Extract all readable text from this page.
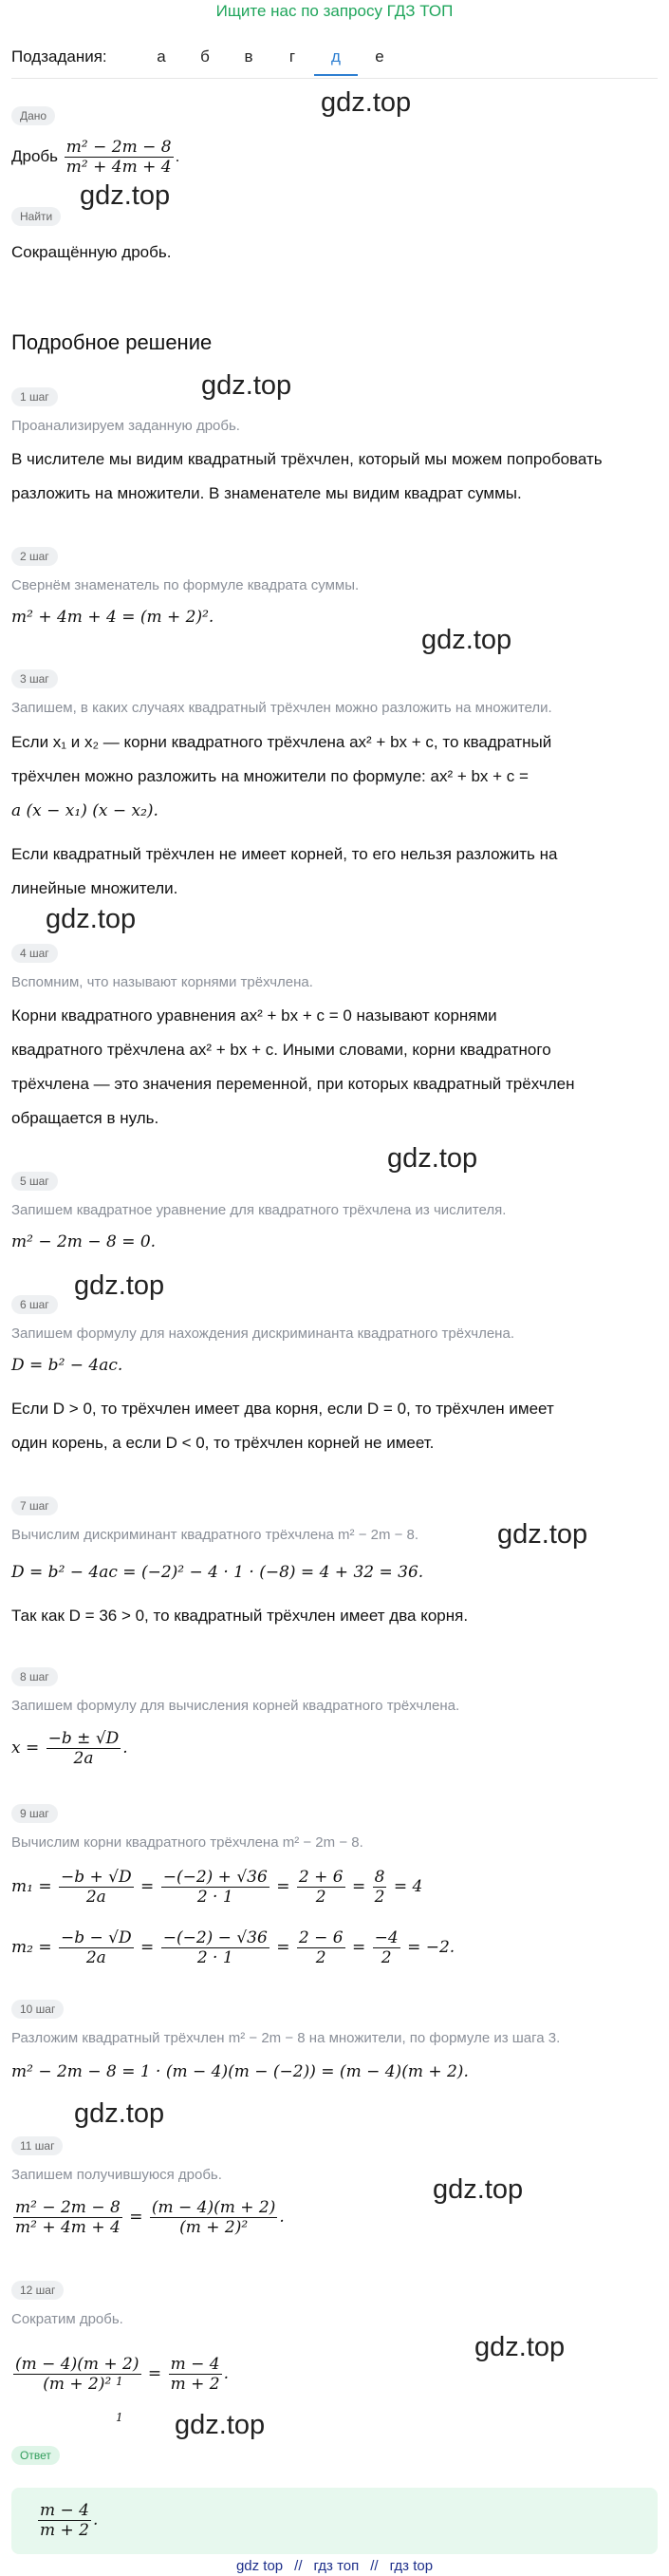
Ищите нас по запросу ГДЗ ТОП
Подзадания:	а	б	в	г	д	е
Дано
Дробь $\frac{\text{m² − 2m − 8}}{\text{m² + 4m + 4}}$ .
Найти
Сокращённую дробь.
Подробное решение
1 шаг
Проанализируем заданную дробь.
В числителе мы видим квадратный трёхчлен, который мы можем попробовать
разложить на множители. В знаменателе мы видим квадрат суммы.
2 шаг
Свернём знаменатель по формуле квадрата суммы.
m² + 4m + 4 = (m + 2)².
3 шаг
Запишем, в каких случаях квадратный трёхчлен можно разложить на множители.
Если x₁ и x₂ — корни квадратного трёхчлена ax² + bx + c, то квадратный
трёхчлен можно разложить на множители по формуле: ax² + bx + c =
a (x − x₁) (x − x₂).
Если квадратный трёхчлен не имеет корней, то его нельзя разложить на
линейные множители.
4 шаг
Вспомним, что называют корнями трёхчлена.
Корни квадратного уравнения ax² + bx + c = 0 называют корнями
квадратного трёхчлена ax² + bx + c. Иными словами, корни квадратного
трёхчлена — это значения переменной, при которых квадратный трёхчлен
обращается в нуль.
5 шаг
Запишем квадратное уравнение для квадратного трёхчлена из числителя.
m² − 2m − 8 = 0.
6 шаг
Запишем формулу для нахождения дискриминанта квадратного трёхчлена.
D = b² − 4ac.
Если D > 0, то трёхчлен имеет два корня, если D = 0, то трёхчлен имеет
один корень, а если D < 0, то трёхчлен корней не имеет.
7 шаг
Вычислим дискриминант квадратного трёхчлена m² − 2m − 8.
D = b² − 4ac = (−2)² − 4 · 1 · (−8) = 4 + 32 = 36.
Так как D = 36 > 0, то квадратный трёхчлен имеет два корня.
8 шаг
Запишем формулу для вычисления корней квадратного трёхчлена.
$x = \frac{-b \pm √D}{2a}$ .
9 шаг
Вычислим корни квадратного трёхчлена m² − 2m − 8.
$m_1 = \frac{-b + √D}{2a} = \frac{-(-2) + √36}{2 \cdot 1} = \frac{2 + 6}{2} = \frac{8}{2} = 4$
$m_2 = \frac{-b - √D}{2a} = \frac{-(-2) - √36}{2 \cdot 1} = \frac{2 - 6}{2} = \frac{-4}{2} = -2$.
10 шаг
Разложим квадратный трёхчлен m² − 2m − 8 на множители, по формуле из шага 3.
m² − 2m − 8 = 1 · (m − 4)(m − (−2)) = (m − 4)(m + 2).
11 шаг
Запишем получившуюся дробь.
$\frac{\text{m² − 2m − 8}}{\text{m² + 4m + 4}} = \frac{(m - 4)(m + 2)}{\text{(m + 2)²}}$ .
12 шаг
Сократим дробь.
(m − 4)(m + 2)
(m + 2)² 1
1
= $\frac{m - 4}{m + 2}$ .
Ответ
$\frac{m - 4}{m + 2}$ .
gdz.top
gdz.top
gdz.top
gdz.top
gdz.top
gdz.top
gdz.top
gdz.top
gdz.top
gdz.top
gdz.top
gdz.top
gdz top // гдз топ // гдз top
